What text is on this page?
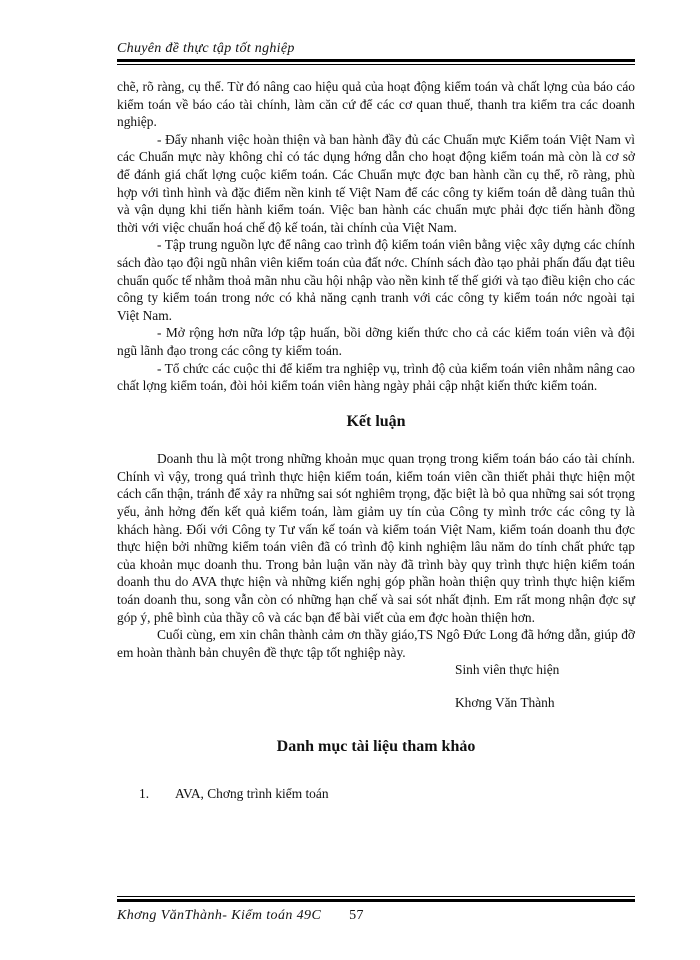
Chuyên đề thực tập tốt nghiệp

chẽ, rõ ràng, cụ thể. Từ đó nâng cao hiệu quả của hoạt động kiểm toán và chất lợng của báo cáo kiểm toán về báo cáo tài chính, làm căn cứ để các cơ quan thuế, thanh tra kiểm tra các doanh nghiệp.

- Đẩy nhanh việc hoàn thiện và ban hành đầy đủ các Chuẩn mực Kiểm toán Việt Nam vì các Chuẩn mực này không chỉ có tác dụng hớng dẫn cho hoạt động kiểm toán mà còn là cơ sở để đánh giá chất lợng cuộc kiểm toán. Các Chuẩn mực đợc ban hành cần cụ thể, rõ ràng, phù hợp với tình hình và đặc điểm nền kinh tế Việt Nam để các công ty kiểm toán dễ dàng tuân thủ và vận dụng khi tiến hành kiểm toán. Việc ban hành các chuẩn mực phải đợc tiến hành đồng thời với việc chuẩn hoá chế độ kế toán, tài chính của Việt Nam.

- Tập trung nguồn lực để nâng cao trình độ kiểm toán viên bằng việc xây dựng các chính sách đào tạo đội ngũ nhân viên kiểm toán của đất nớc. Chính sách đào tạo phải phấn đấu đạt tiêu chuẩn quốc tế nhằm thoả mãn nhu cầu hội nhập vào nền kinh tế thế giới và tạo điều kiện cho các công ty kiểm toán trong nớc có khả năng cạnh tranh với các công ty kiểm toán nớc ngoài tại Việt Nam.

- Mở rộng hơn nữa lớp tập huấn, bồi dỡng kiến thức cho cả các kiểm toán viên và đội ngũ lãnh đạo trong các công ty kiểm toán.

- Tổ chức các cuộc thi để kiểm tra nghiệp vụ, trình độ của kiểm toán viên nhằm nâng cao chất lợng kiểm toán, đòi hỏi kiểm toán viên hàng ngày phải cập nhật kiến thức kiểm toán.

Kết luận

Doanh thu là một trong những khoản mục quan trọng trong kiểm toán báo cáo tài chính. Chính vì vậy, trong quá trình thực hiện kiểm toán, kiểm toán viên cần thiết phải thực hiện một cách cẩn thận, tránh để xảy ra những sai sót nghiêm trọng, đặc biệt là bỏ qua những sai sót trọng yếu, ảnh hởng đến kết quả kiểm toán, làm giảm uy tín của Công ty mình trớc các công ty là khách hàng. Đối với Công ty Tư vấn kế toán và kiểm toán Việt Nam, kiểm toán doanh thu đợc thực hiện bởi những kiểm toán viên đã có trình độ kinh nghiệm lâu năm do tính chất phức tạp của khoản mục doanh thu. Trong bản luận văn này đã trình bày quy trình thực hiện kiểm toán doanh thu do AVA thực hiện và những kiến nghị góp phần hoàn thiện quy trình thực hiện kiểm toán doanh thu, song vẫn còn có những hạn chế và sai sót nhất định. Em rất mong nhận đợc sự góp ý, phê bình của thầy cô và các bạn để bài viết của em đợc hoàn thiện hơn.

Cuối cùng, em xin chân thành cảm ơn thầy giáo,TS Ngô Đức Long đã hớng dẫn, giúp đỡ em hoàn thành bản chuyên đề thực tập tốt nghiệp này.

Sinh viên thực hiện

Khơng Văn Thành

Danh mục tài liệu tham khảo

1.	AVA, Chơng trình kiểm toán

Khơng VănThành- Kiểm toán 49C 57
